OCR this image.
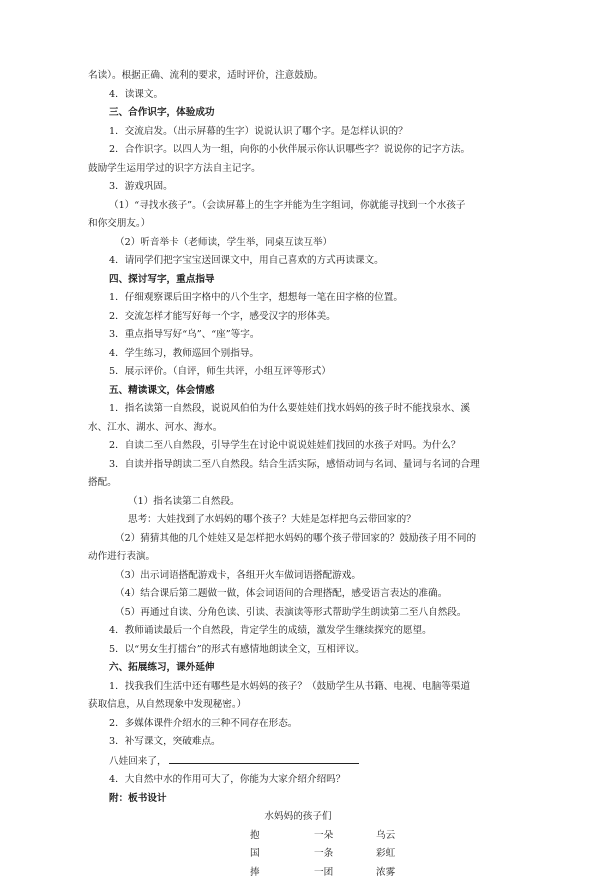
名读）。根据正确、流利的要求，适时评价，注意鼓励。

4．读课文。

三、合作识字，体验成功

1．交流启发。（出示屏幕的生字）说说认识了哪个字。是怎样认识的？

2．合作识字。以四人为一组，向你的小伙伴展示你认识哪些字？说说你的记字方法。

鼓励学生运用学过的识字方法自主记字。

3．游戏巩固。

（1）“寻找水孩子”。（会读屏幕上的生字并能为生字组词，你就能寻找到一个水孩子

和你交朋友。）

（2）听音举卡（老师读，学生举，同桌互读互举）

4．请同学们把字宝宝送回课文中，用自己喜欢的方式再读课文。

四、探讨写字，重点指导

1．仔细观察课后田字格中的八个生字，想想每一笔在田字格的位置。

2．交流怎样才能写好每一个字，感受汉字的形体美。

3．重点指导写好“乌”、“座”等字。

4．学生练习，教师巡回个别指导。

5．展示评价。（自评，师生共评，小组互评等形式）

五、精读课文，体会情感

1．指名读第一自然段，说说风伯伯为什么要娃娃们找水妈妈的孩子时不能找泉水、溪

水、江水、湖水、河水、海水。

2．自读二至八自然段，引导学生在讨论中说说娃娃们找回的水孩子对吗。为什么？

3．自读并指导朗读二至八自然段。结合生活实际，感悟动词与名词、量词与名词的合理

搭配。

（1）指名读第二自然段。

思考：大娃找到了水妈妈的哪个孩子？大娃是怎样把乌云带回家的？

（2）猜猜其他的几个娃娃又是怎样把水妈妈的哪个孩子带回家的？鼓励孩子用不同的

动作进行表演。

（3）出示词语搭配游戏卡，各组开火车做词语搭配游戏。

（4）结合课后第二题做一做，体会词语间的合理搭配，感受语言表达的准确。

（5）再通过自读、分角色读、引读、表演读等形式帮助学生朗读第二至八自然段。

4．教师诵读最后一个自然段，肯定学生的成绩，激发学生继续探究的愿望。

5．以“男女生打擂台”的形式有感情地朗读全文，互相评议。

六、拓展练习，课外延伸

1．找我我们生活中还有哪些是水妈妈的孩子？（鼓励学生从书籍、电视、电脑等渠道

获取信息，从自然现象中发现秘密。）

2．多媒体课件介绍水的三种不同存在形态。

3．补写课文，突破难点。

八娃回来了，

4．大自然中水的作用可大了，你能为大家介绍介绍吗？

附：板书设计

水妈妈的孩子们

抱	一朵	乌云
国	一条	彩虹
捧	一团	浓雾
